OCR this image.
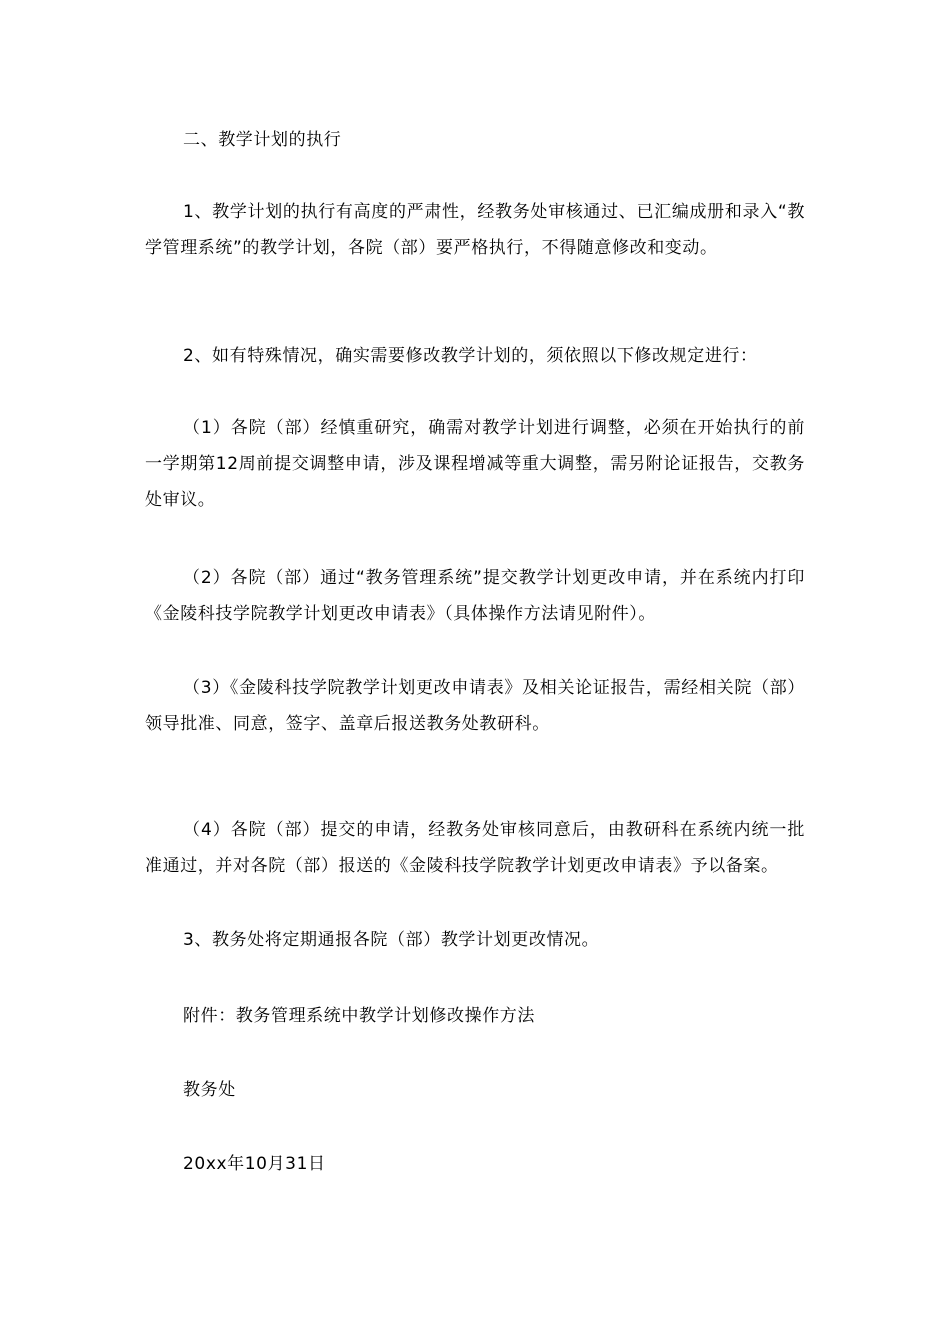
二、教学计划的执行

1、教学计划的执行有高度的严肃性，经教务处审核通过、已汇编成册和录入“教学管理系统”的教学计划，各院（部）要严格执行，不得随意修改和变动。

2、如有特殊情况，确实需要修改教学计划的，须依照以下修改规定进行：

（1）各院（部）经慎重研究，确需对教学计划进行调整，必须在开始执行的前一学期第12周前提交调整申请，涉及课程增减等重大调整，需另附论证报告，交教务处审议。

（2）各院（部）通过“教务管理系统”提交教学计划更改申请，并在系统内打印《金陵科技学院教学计划更改申请表》（具体操作方法请见附件）。

（3）《金陵科技学院教学计划更改申请表》及相关论证报告，需经相关院（部）领导批准、同意，签字、盖章后报送教务处教研科。

（4）各院（部）提交的申请，经教务处审核同意后，由教研科在系统内统一批准通过，并对各院（部）报送的《金陵科技学院教学计划更改申请表》予以备案。

3、教务处将定期通报各院（部）教学计划更改情况。

附件：教务管理系统中教学计划修改操作方法

教务处

20xx年10月31日
